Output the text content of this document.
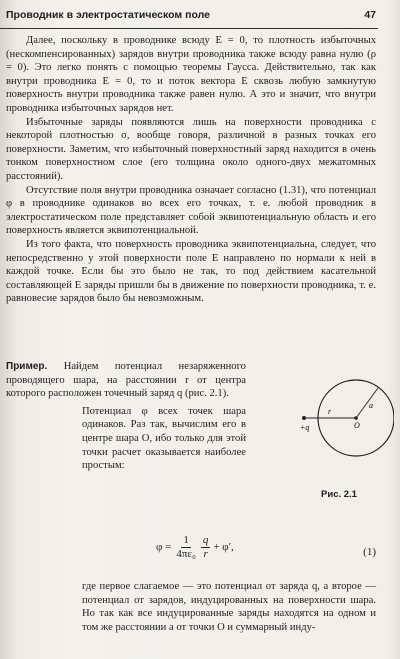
Проводник в электростатическом поле	47

Далее, поскольку в проводнике всюду E = 0, то плотность избыточных (нескомпенсированных) зарядов внутри проводника также всюду равна нулю (ρ = 0). Это легко понять с помощью теоремы Гаусса. Действительно, так как внутри проводника E = 0, то и поток вектора E сквозь любую замкнутую поверхность внутри проводника также равен нулю. А это и значит, что внутри проводника избыточных зарядов нет.

Избыточные заряды появляются лишь на поверхности проводника с некоторой плотностью σ, вообще говоря, различной в разных точках его поверхности. Заметим, что избыточный поверхностный заряд находится в очень тонком поверхностном слое (его толщина около одного-двух межатомных расстояний).

Отсутствие поля внутри проводника означает согласно (1.31), что потенциал φ в проводнике одинаков во всех его точках, т. е. любой проводник в электростатическом поле представляет собой эквипотенциальную область и его поверхность является эквипотенциальной.

Из того факта, что поверхность проводника эквипотенциальна, следует, что непосредственно у этой поверхности поле E направлено по нормали к ней в каждой точке. Если бы это было не так, то под действием касательной составляющей E заряды пришли бы в движение по поверхности проводника, т. е. равновесие зарядов было бы невозможным.

Пример. Найдем потенциал незаряженного проводящего шара, на расстоянии r от центра которого расположен точечный заряд q (рис. 2.1).

Потенциал φ всех точек шара одинаков. Раз так, вычислим его в центре шара O, ибо только для этой точки расчет оказывается наиболее простым:

+q
r
O
a
Рис. 2.1
$\varphi = \frac{1}{\text{4πε₀}} \frac{q}{r} + \varphi'$,	(1)

где первое слагаемое — это потенциал от заряда q, а второе — потенциал от зарядов, индуцированных на поверхности шара. Но так как все индуцированные заряды находятся на одном и том же расстоянии a от точки O и суммарный инду-
